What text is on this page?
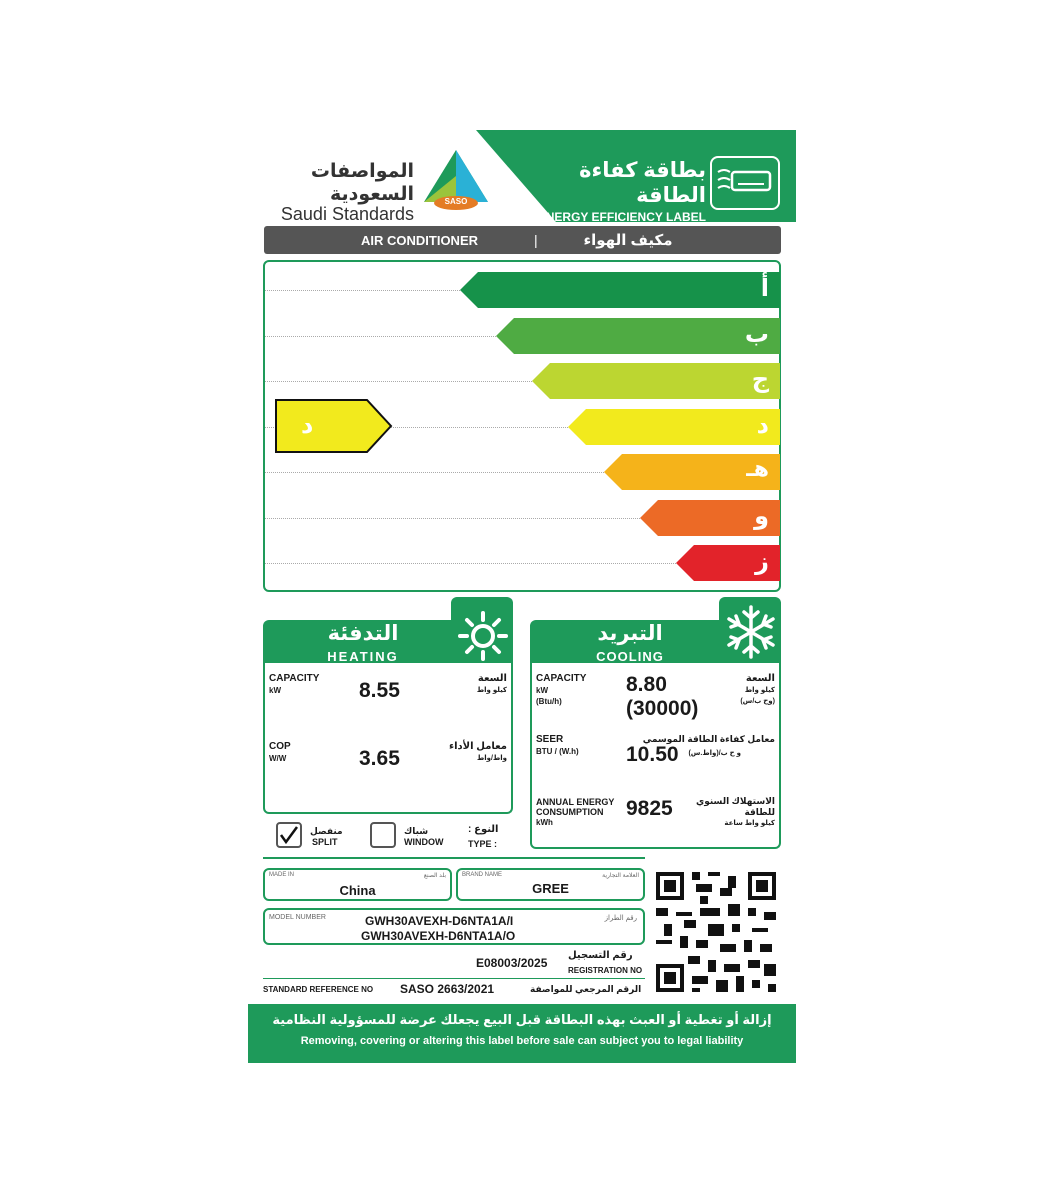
المواصفات السعودية
Saudi Standards
SASO
بطاقة كفاءة الطاقة
ENERGY EFFICIENCY LABEL
AIR CONDITIONER	|	مكيف الهواء
أ
ب
ج
د
هـ
و
ز
د
التدفئة
HEATING
CAPACITY
kW	8.55
السعة
كيلو واط
COP
W/W	3.65
معامل الأداء
واط/واط
التبريد
COOLING
CAPACITY
kW
(Btu/h)
8.80
(30000)
السعة
كيلو واط
(وح ب/س)
SEER
BTU / (W.h) 10.50
معامل كفاءة الطاقة الموسمي
و ح ب/(واط.س)
ANNUAL ENERGY
CONSUMPTION
kWh
9825	الاستهلاك السنوي
للطاقة
كيلو واط ساعة
منفصل
SPLIT
شباك
WINDOW
النوع :
TYPE :
MADE IN	بلد الصنع
China
BRAND NAME	العلامة التجارية
GREE
MODEL NUMBER	رقم الطراز
GWH30AVEXH-D6NTA1A/I
GWH30AVEXH-D6NTA1A/O
E08003/2025
رقم التسجيل
REGISTRATION NO
STANDARD REFERENCE NO SASO 2663/2021	الرقم المرجعي للمواصفة
إزالة أو تغطية أو العبث بهذه البطاقة قبل البيع يجعلك عرضة للمسؤولية النظامية
Removing, covering or altering this label before sale can subject you to legal liability
